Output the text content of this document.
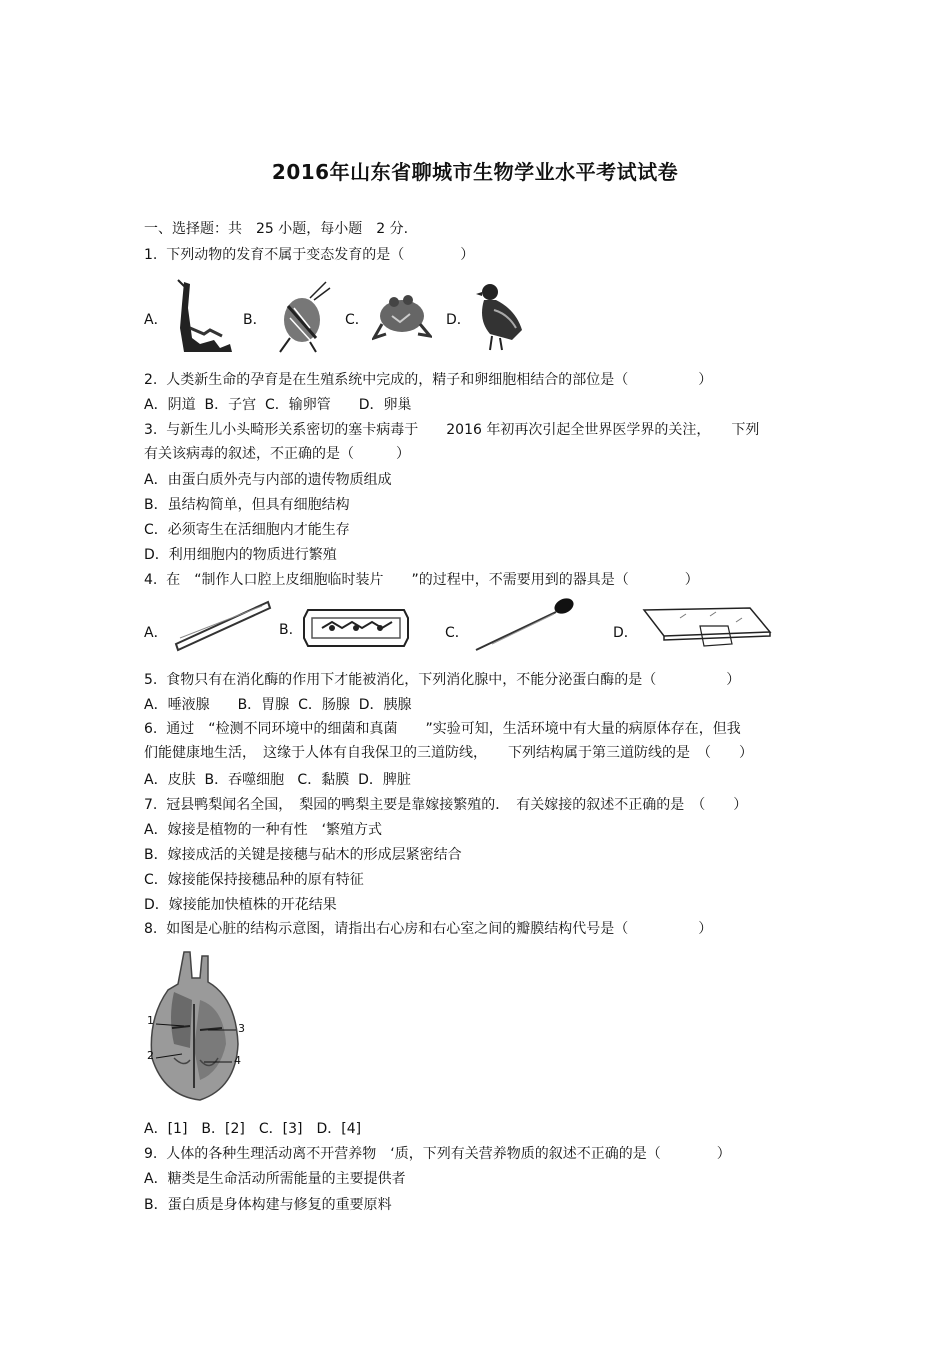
2016年山东省聊城市生物学业水平考试试卷
一、选择题：共　25 小题，每小题　2 分.
1.  下列动物的发育不属于变态发育的是（　　　　）
A．	B．	C．	D．
2.  人类新生命的孕育是在生殖系统中完成的，精子和卵细胞相结合的部位是（　　　　　）
A．阴道  B．子宫  C．输卵管　　D．卵巢
3.  与新生儿小头畸形关系密切的塞卡病毒于　　2016 年初再次引起全世界医学界的关注，　　下列
有关该病毒的叙述，不正确的是（　　　）
A．由蛋白质外壳与内部的遗传物质组成
B．虽结构简单，但具有细胞结构
C．必须寄生在活细胞内才能生存
D．利用细胞内的物质进行繁殖
4.  在　“制作人口腔上皮细胞临时装片　　”的过程中，不需要用到的器具是（　　　　）
A．	B.	C．	D．
5.  食物只有在消化酶的作用下才能被消化，下列消化腺中，不能分泌蛋白酶的是（　　　　　）
A．唾液腺　　B．胃腺  C．肠腺  D．胰腺
6.  通过　“检测不同环境中的细菌和真菌　　”实验可知，生活环境中有大量的病原体存在，但我
们能健康地生活，　这缘于人体有自我保卫的三道防线，　　下列结构属于第三道防线的是　（　　）
A．皮肤  B．吞噬细胞   C．黏膜  D．脾脏
7.  冠县鸭梨闻名全国，　梨园的鸭梨主要是靠嫁接繁殖的．　有关嫁接的叙述不正确的是　（　　）
A．嫁接是植物的一种有性　‘繁殖方式
B．嫁接成活的关键是接穗与砧木的形成层紧密结合
C．嫁接能保持接穗品种的原有特征
D．嫁接能加快植株的开花结果
8.  如图是心脏的结构示意图，请指出右心房和右心室之间的瓣膜结构代号是（　　　　　）
1
2
3
4
A．[1]　B．[2]　C．[3]　D．[4]
9.  人体的各种生理活动离不开营养物　‘质，下列有关营养物质的叙述不正确的是（　　　　）
A．糖类是生命活动所需能量的主要提供者
B．蛋白质是身体构建与修复的重要原料
